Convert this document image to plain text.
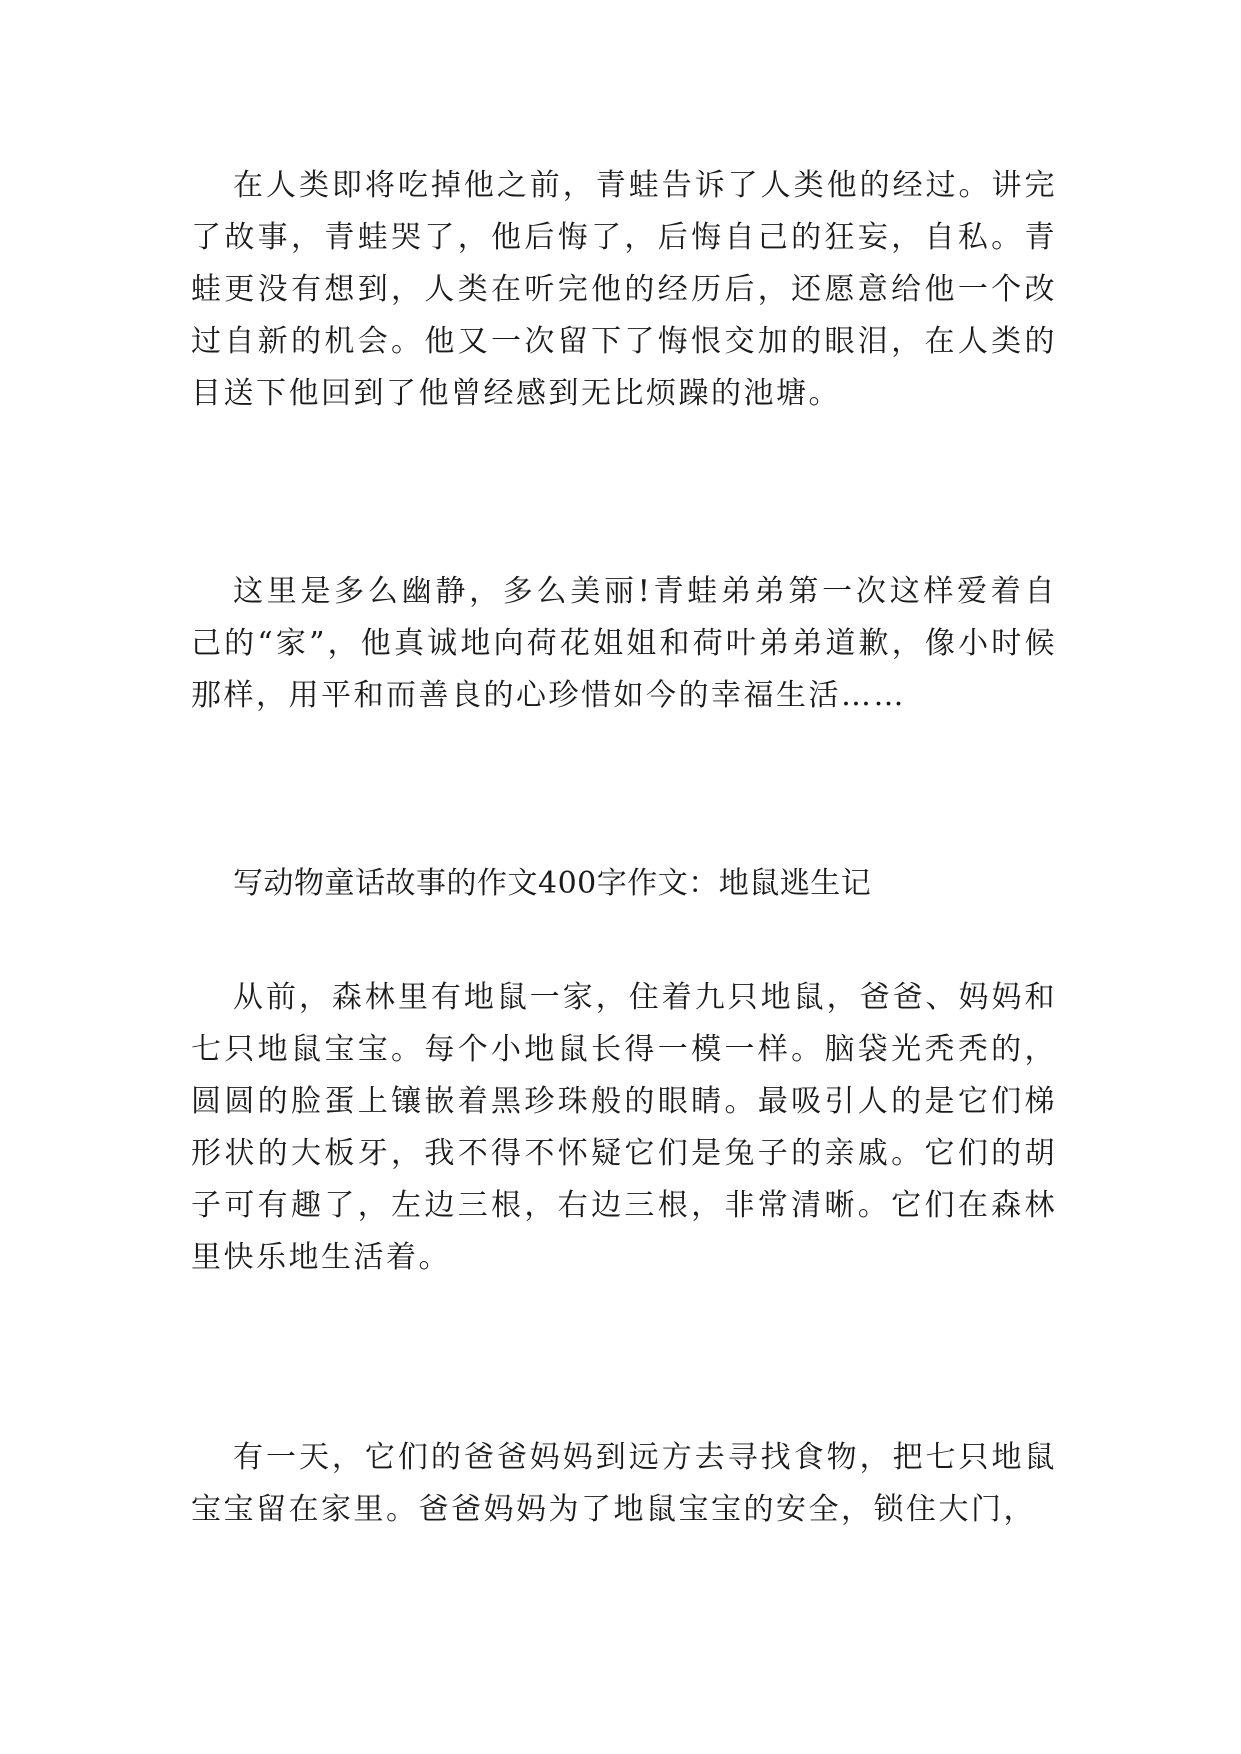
在人类即将吃掉他之前，青蛙告诉了人类他的经过。讲完了故事，青蛙哭了，他后悔了，后悔自己的狂妄，自私。青蛙更没有想到，人类在听完他的经历后，还愿意给他一个改过自新的机会。他又一次留下了悔恨交加的眼泪，在人类的目送下他回到了他曾经感到无比烦躁的池塘。

这里是多么幽静，多么美丽!青蛙弟弟第一次这样爱着自己的“家”，他真诚地向荷花姐姐和荷叶弟弟道歉，像小时候那样，用平和而善良的心珍惜如今的幸福生活……

写动物童话故事的作文400字作文：地鼠逃生记

从前，森林里有地鼠一家，住着九只地鼠，爸爸、妈妈和七只地鼠宝宝。每个小地鼠长得一模一样。脑袋光秃秃的，圆圆的脸蛋上镶嵌着黑珍珠般的眼睛。最吸引人的是它们梯形状的大板牙，我不得不怀疑它们是兔子的亲戚。它们的胡子可有趣了，左边三根，右边三根，非常清晰。它们在森林里快乐地生活着。

有一天，它们的爸爸妈妈到远方去寻找食物，把七只地鼠宝宝留在家里。爸爸妈妈为了地鼠宝宝的安全，锁住大门，
